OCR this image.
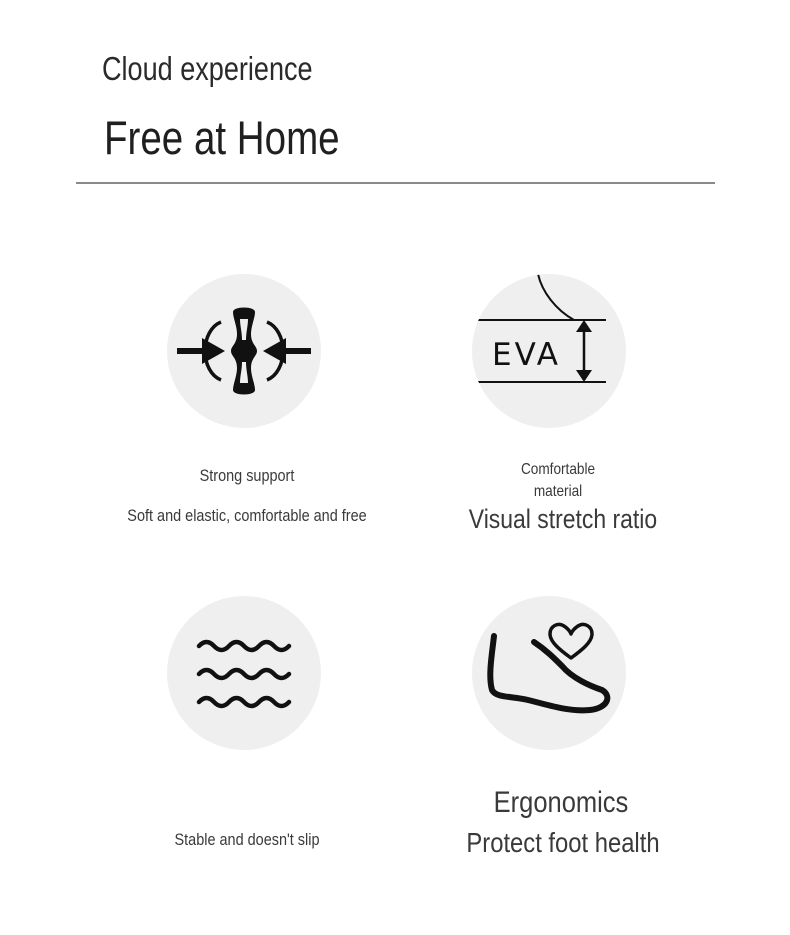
Cloud experience
Free at Home
Strong support
Soft and elastic, comfortable and free
EVA
Comfortable
material
Visual stretch ratio
Stable and doesn't slip
Ergonomics
Protect foot health
